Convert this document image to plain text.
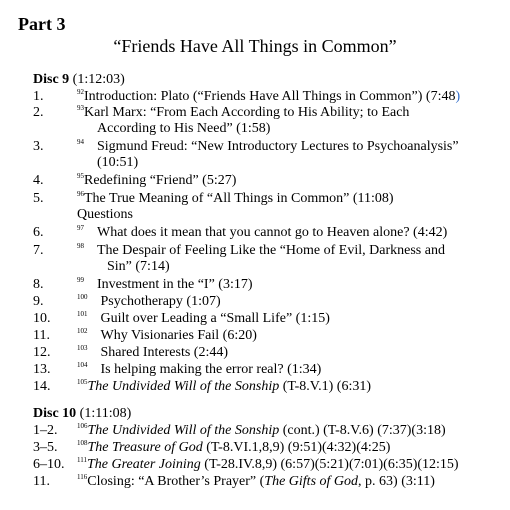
Part 3
“Friends Have All Things in Common”
Disc 9 (1:12:03)
1.	$^{92}$Introduction: Plato (“Friends Have All Things in Common”) (7:48)
2.	$^{93}$Karl Marx: “From Each According to His Ability; to Each
According to His Need” (1:58)
3.	$^{94}$ Sigmund Freud: “New Introductory Lectures to Psychoanalysis”
(10:51)
4.	$^{95}$Redefining “Friend” (5:27)
5.	$^{96}$The True Meaning of “All Things in Common” (11:08)
Questions
6.	$^{97}$ What does it mean that you cannot go to Heaven alone? (4:42)
7.	$^{98}$ The Despair of Feeling Like the “Home of Evil, Darkness and
Sin” (7:14)
8.	$^{99}$ Investment in the “I” (3:17)
9.	$^{100}$ Psychotherapy (1:07)
10.	$^{101}$ Guilt over Leading a “Small Life” (1:15)
11.	$^{102}$ Why Visionaries Fail (6:20)
12.	$^{103}$ Shared Interests (2:44)
13.	$^{104}$ Is helping making the error real? (1:34)
14.	$^{105}$The Undivided Will of the Sonship (T-8.V.1) (6:31)
Disc 10 (1:11:08)
1–2.	$^{106}$The Undivided Will of the Sonship (cont.) (T-8.V.6) (7:37)(3:18)
3–5.	$^{108}$The Treasure of God (T-8.VI.1,8,9) (9:51)(4:32)(4:25)
6–10. $^{111}$The Greater Joining (T-28.IV.8,9) (6:57)(5:21)(7:01)(6:35)(12:15)
11.	$^{116}$Closing: “A Brother’s Prayer” (The Gifts of God, p. 63) (3:11)
